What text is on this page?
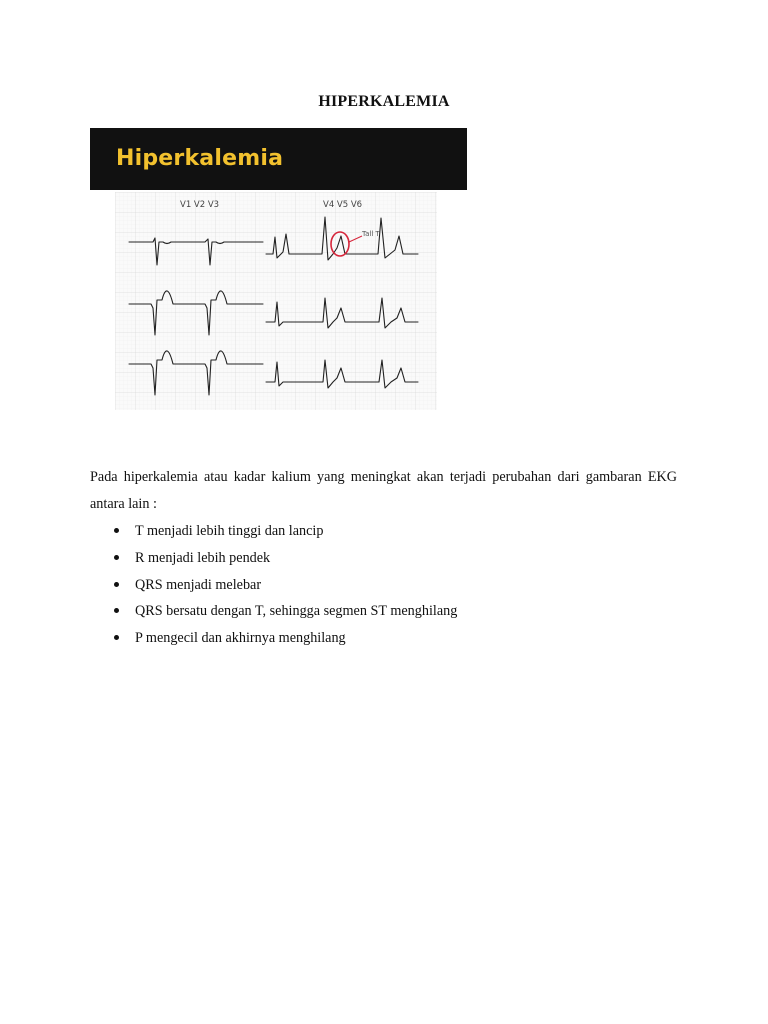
HIPERKALEMIA
Hiperkalemia
V1 V2 V3	V4 V5 V6
Tall T
Pada hiperkalemia atau kadar kalium yang meningkat akan terjadi perubahan dari gambaran EKG antara lain :
T menjadi lebih tinggi dan lancip
R menjadi lebih pendek
QRS menjadi melebar
QRS bersatu dengan T, sehingga segmen ST menghilang
P mengecil dan akhirnya menghilang
